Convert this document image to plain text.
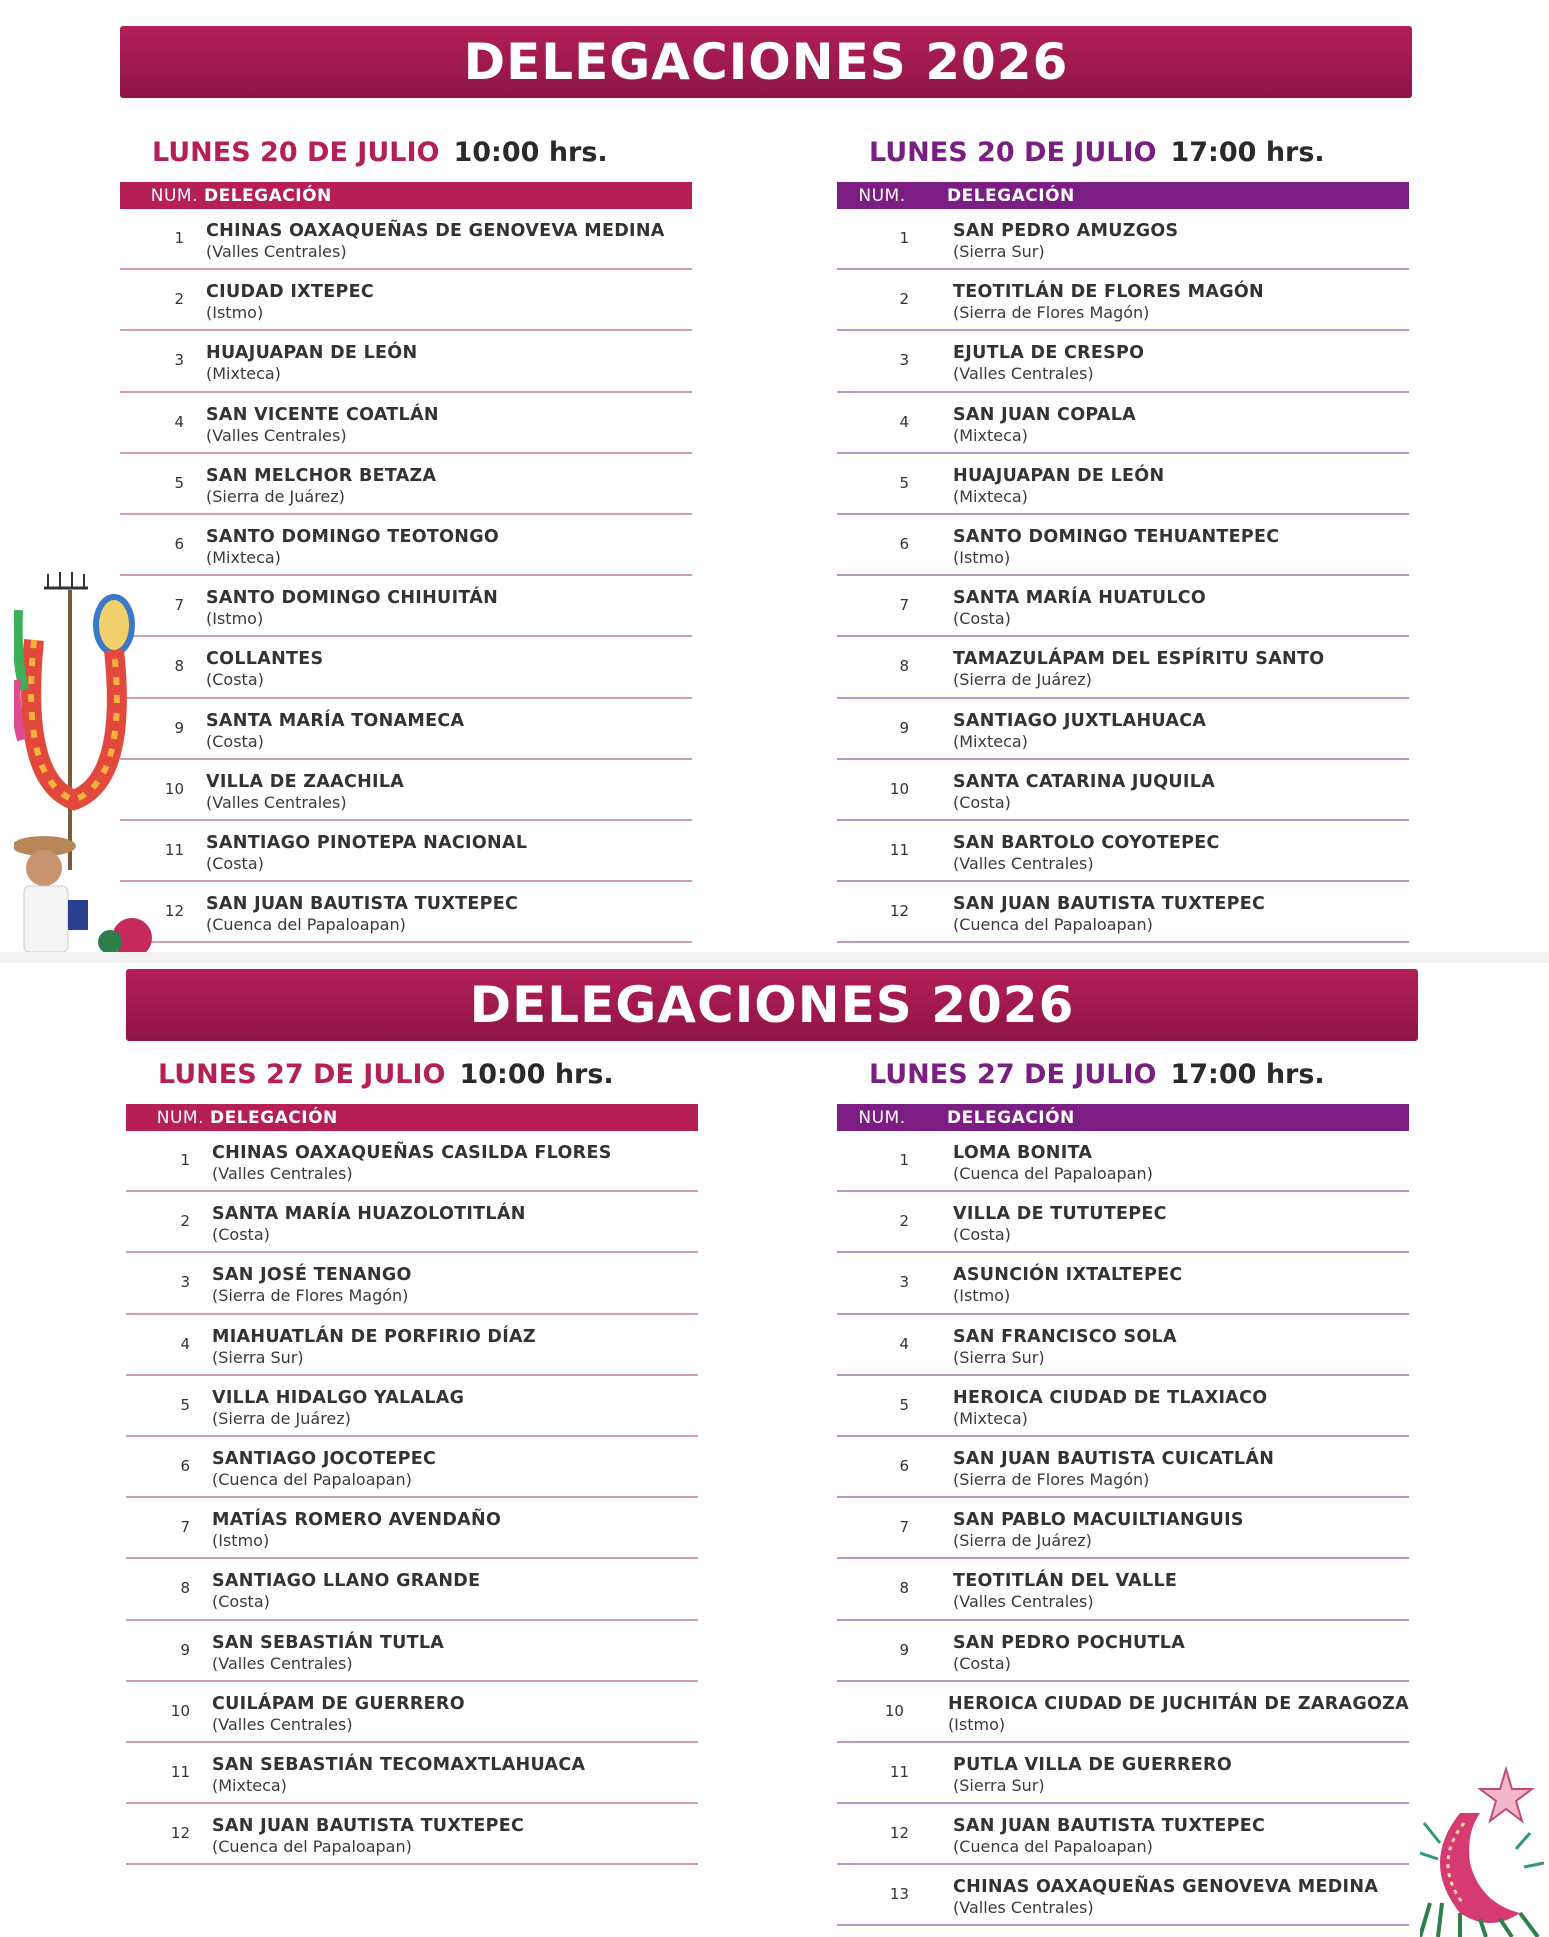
DELEGACIONES 2026
LUNES 20 DE JULIO 10:00 hrs.
NUM. DELEGACIÓN
1 CHINAS OAXAQUEÑAS DE GENOVEVA MEDINA
(Valles Centrales)
2 CIUDAD IXTEPEC
(Istmo)
3 HUAJUAPAN DE LEÓN
(Mixteca)
4 SAN VICENTE COATLÁN
(Valles Centrales)
5 SAN MELCHOR BETAZA
(Sierra de Juárez)
6 SANTO DOMINGO TEOTONGO
(Mixteca)
7 SANTO DOMINGO CHIHUITÁN
(Istmo)
8 COLLANTES
(Costa)
9 SANTA MARÍA TONAMECA
(Costa)
10 VILLA DE ZAACHILA
(Valles Centrales)
11 SANTIAGO PINOTEPA NACIONAL
(Costa)
12 SAN JUAN BAUTISTA TUXTEPEC
(Cuenca del Papaloapan)
LUNES 20 DE JULIO 17:00 hrs.
NUM.	DELEGACIÓN
1	SAN PEDRO AMUZGOS
(Sierra Sur)
2	TEOTITLÁN DE FLORES MAGÓN
(Sierra de Flores Magón)
3	EJUTLA DE CRESPO
(Valles Centrales)
4	SAN JUAN COPALA
(Mixteca)
5	HUAJUAPAN DE LEÓN
(Mixteca)
6	SANTO DOMINGO TEHUANTEPEC
(Istmo)
7	SANTA MARÍA HUATULCO
(Costa)
8	TAMAZULÁPAM DEL ESPÍRITU SANTO
(Sierra de Juárez)
9	SANTIAGO JUXTLAHUACA
(Mixteca)
10	SANTA CATARINA JUQUILA
(Costa)
11	SAN BARTOLO COYOTEPEC
(Valles Centrales)
12	SAN JUAN BAUTISTA TUXTEPEC
(Cuenca del Papaloapan)
DELEGACIONES 2026
LUNES 27 DE JULIO 10:00 hrs.
NUM. DELEGACIÓN
1 CHINAS OAXAQUEÑAS CASILDA FLORES
(Valles Centrales)
2 SANTA MARÍA HUAZOLOTITLÁN
(Costa)
3 SAN JOSÉ TENANGO
(Sierra de Flores Magón)
4 MIAHUATLÁN DE PORFIRIO DÍAZ
(Sierra Sur)
5 VILLA HIDALGO YALALAG
(Sierra de Juárez)
6 SANTIAGO JOCOTEPEC
(Cuenca del Papaloapan)
7 MATÍAS ROMERO AVENDAÑO
(Istmo)
8 SANTIAGO LLANO GRANDE
(Costa)
9 SAN SEBASTIÁN TUTLA
(Valles Centrales)
10 CUILÁPAM DE GUERRERO
(Valles Centrales)
11 SAN SEBASTIÁN TECOMAXTLAHUACA
(Mixteca)
12 SAN JUAN BAUTISTA TUXTEPEC
(Cuenca del Papaloapan)
LUNES 27 DE JULIO 17:00 hrs.
NUM.	DELEGACIÓN
1	LOMA BONITA
(Cuenca del Papaloapan)
2	VILLA DE TUTUTEPEC
(Costa)
3	ASUNCIÓN IXTALTEPEC
(Istmo)
4	SAN FRANCISCO SOLA
(Sierra Sur)
5	HEROICA CIUDAD DE TLAXIACO
(Mixteca)
6	SAN JUAN BAUTISTA CUICATLÁN
(Sierra de Flores Magón)
7	SAN PABLO MACUILTIANGUIS
(Sierra de Juárez)
8	TEOTITLÁN DEL VALLE
(Valles Centrales)
9	SAN PEDRO POCHUTLA
(Costa)
10	HEROICA CIUDAD DE JUCHITÁN DE ZARAGOZA
(Istmo)
11	PUTLA VILLA DE GUERRERO
(Sierra Sur)
12	SAN JUAN BAUTISTA TUXTEPEC
(Cuenca del Papaloapan)
13	CHINAS OAXAQUEÑAS GENOVEVA MEDINA
(Valles Centrales)
